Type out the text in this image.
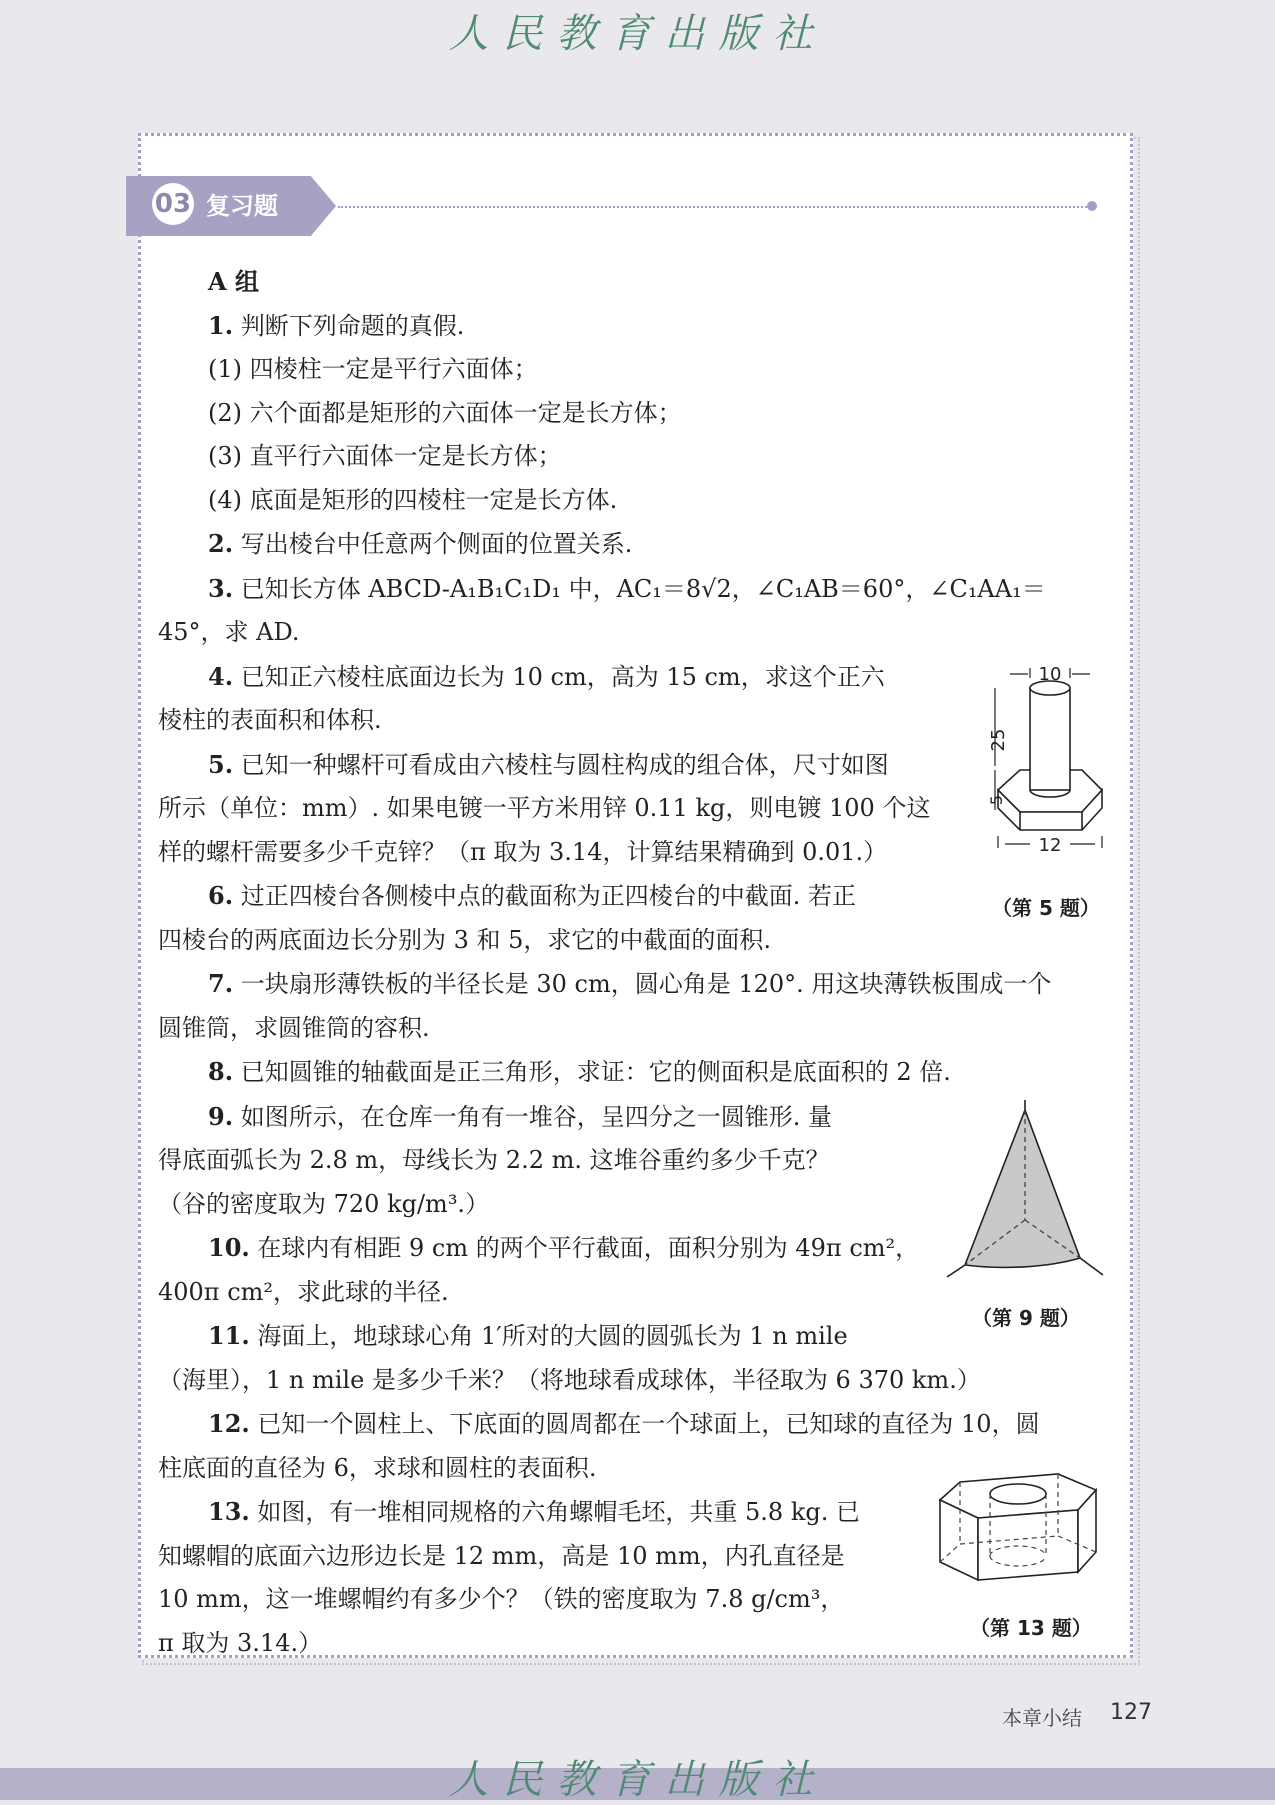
人民教育出版社
03 复习题
A 组
1. 判断下列命题的真假.
(1) 四棱柱一定是平行六面体；
(2) 六个面都是矩形的六面体一定是长方体；
(3) 直平行六面体一定是长方体；
(4) 底面是矩形的四棱柱一定是长方体.
2. 写出棱台中任意两个侧面的位置关系.
3. 已知长方体 ABCD-A₁B₁C₁D₁ 中，AC₁＝8√2，∠C₁AB＝60°，∠C₁AA₁＝
45°，求 AD.
4. 已知正六棱柱底面边长为 10 cm，高为 15 cm，求这个正六
棱柱的表面积和体积.
5. 已知一种螺杆可看成由六棱柱与圆柱构成的组合体，尺寸如图
所示（单位：mm）. 如果电镀一平方米用锌 0.11 kg，则电镀 100 个这
样的螺杆需要多少千克锌？（π 取为 3.14，计算结果精确到 0.01.）
6. 过正四棱台各侧棱中点的截面称为正四棱台的中截面. 若正
四棱台的两底面边长分别为 3 和 5，求它的中截面的面积.
7. 一块扇形薄铁板的半径长是 30 cm，圆心角是 120°. 用这块薄铁板围成一个
圆锥筒，求圆锥筒的容积.
8. 已知圆锥的轴截面是正三角形，求证：它的侧面积是底面积的 2 倍.
9. 如图所示，在仓库一角有一堆谷，呈四分之一圆锥形. 量
得底面弧长为 2.8 m，母线长为 2.2 m. 这堆谷重约多少千克？
（谷的密度取为 720 kg/m³.）
10. 在球内有相距 9 cm 的两个平行截面，面积分别为 49π cm²，
400π cm²，求此球的半径.
11. 海面上，地球球心角 1′所对的大圆的圆弧长为 1 n mile
（海里），1 n mile 是多少千米？（将地球看成球体，半径取为 6 370 km.）
12. 已知一个圆柱上、下底面的圆周都在一个球面上，已知球的直径为 10，圆
柱底面的直径为 6，求球和圆柱的表面积.
13. 如图，有一堆相同规格的六角螺帽毛坯，共重 5.8 kg. 已
知螺帽的底面六边形边长是 12 mm，高是 10 mm，内孔直径是
10 mm，这一堆螺帽约有多少个？（铁的密度取为 7.8 g/cm³，
π 取为 3.14.）
10
25
5
12
（第 5 题）
（第 9 题）
（第 13 题）
本章小结 127
人民教育出版社
